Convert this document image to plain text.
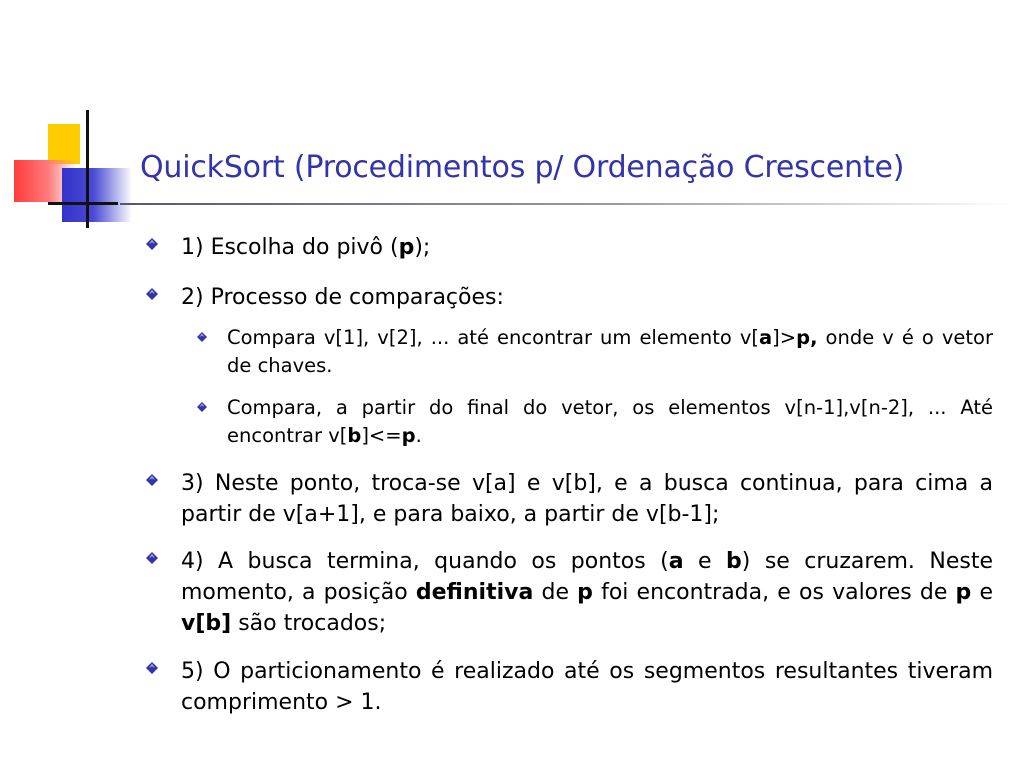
QuickSort (Procedimentos p/ Ordenação Crescente)
1) Escolha do pivô (p);
2) Processo de comparações:
Compara v[1], v[2], ... até encontrar um elemento v[a]>p, onde v é o vetor de chaves.
Compara, a partir do final do vetor, os elementos v[n-1],v[n-2], ... Até encontrar v[b]<=p.
3) Neste ponto, troca-se v[a] e v[b], e a busca continua, para cima a partir de v[a+1], e para baixo, a partir de v[b-1];
4) A busca termina, quando os pontos (a e b) se cruzarem. Neste momento, a posição definitiva de p foi encontrada, e os valores de p e v[b] são trocados;
5) O particionamento é realizado até os segmentos resultantes tiveram comprimento > 1.
